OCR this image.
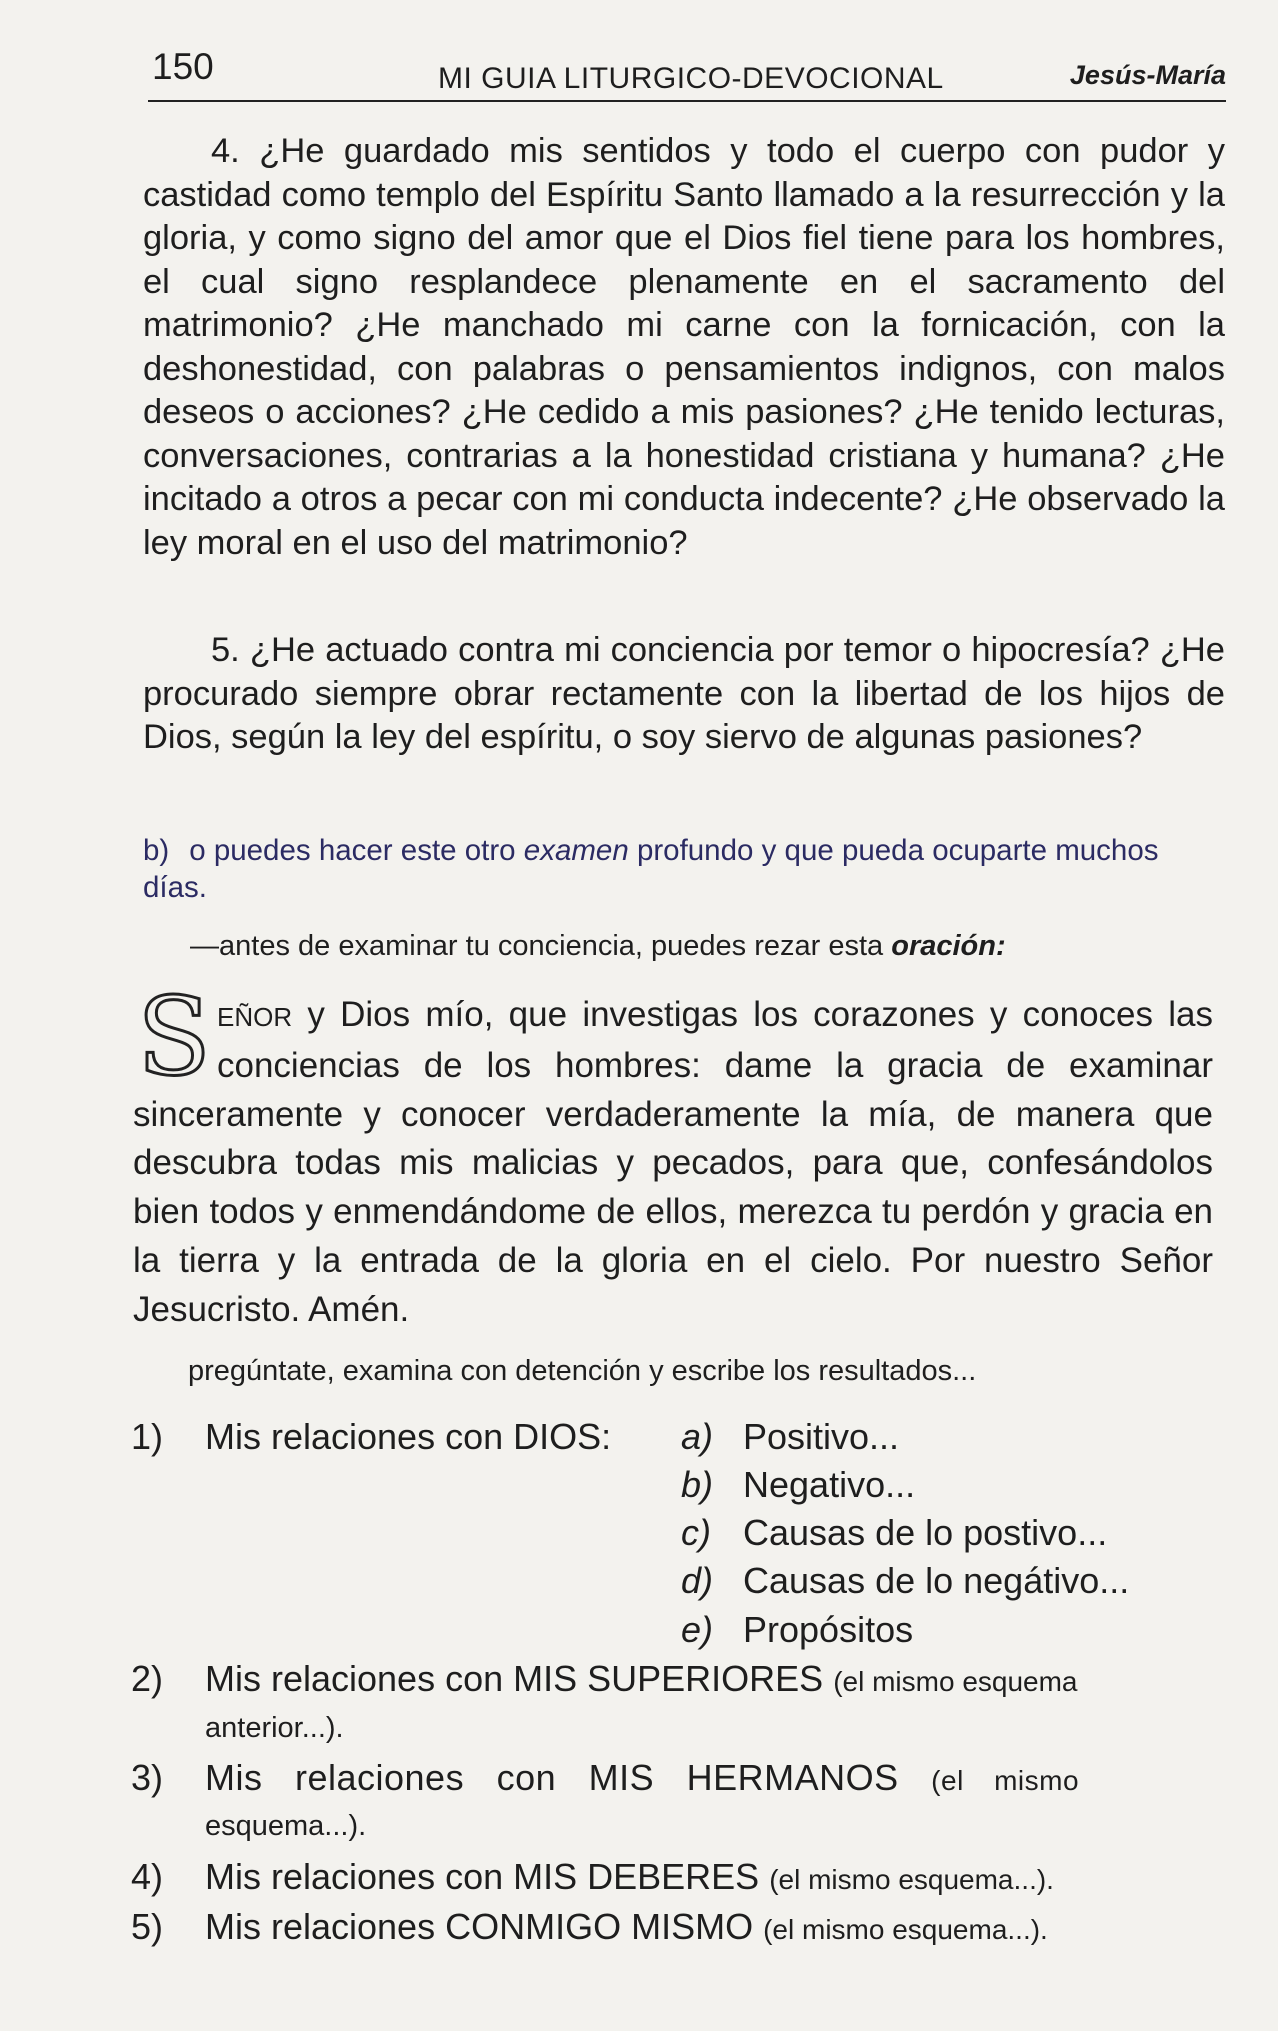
150	MI GUIA LITURGICO-DEVOCIONAL	Jesús-María

4. ¿He guardado mis sentidos y todo el cuerpo con pudor y castidad como templo del Espíritu Santo llamado a la resurrección y la gloria, y como signo del amor que el Dios fiel tiene para los hombres, el cual signo resplandece plenamente en el sacramento del matrimonio? ¿He manchado mi carne con la fornicación, con la deshonestidad, con palabras o pensamientos indignos, con malos deseos o acciones? ¿He cedido a mis pasiones? ¿He tenido lecturas, conversaciones, contrarias a la honestidad cristiana y humana? ¿He incitado a otros a pecar con mi conducta indecente? ¿He observado la ley moral en el uso del matrimonio?

5. ¿He actuado contra mi conciencia por temor o hipocresía? ¿He procurado siempre obrar rectamente con la libertad de los hijos de Dios, según la ley del espíritu, o soy siervo de algunas pasiones?

b) o puedes hacer este otro examen profundo y que pueda ocuparte muchos días.

—antes de examinar tu conciencia, puedes rezar esta oración:

SEÑOR y Dios mío, que investigas los corazones y conoces las conciencias de los hombres: dame la gracia de examinar sinceramente y conocer verdaderamente la mía, de manera que descubra todas mis malicias y pecados, para que, confesándolos bien todos y enmendándome de ellos, merezca tu perdón y gracia en la tierra y la entrada de la gloria en el cielo. Por nuestro Señor Jesucristo. Amén.

pregúntate, examina con detención y escribe los resultados...

1) Mis relaciones con DIOS: a) Positivo...
b) Negativo...
c) Causas de lo postivo...
d) Causas de lo negátivo...
e) Propósitos
2) Mis relaciones con MIS SUPERIORES (el mismo esquema
anterior...).
3) Mis relaciones con MIS HERMANOS (el mismo
esquema...).
4) Mis relaciones con MIS DEBERES (el mismo esquema...).
5) Mis relaciones CONMIGO MISMO (el mismo esquema...).
